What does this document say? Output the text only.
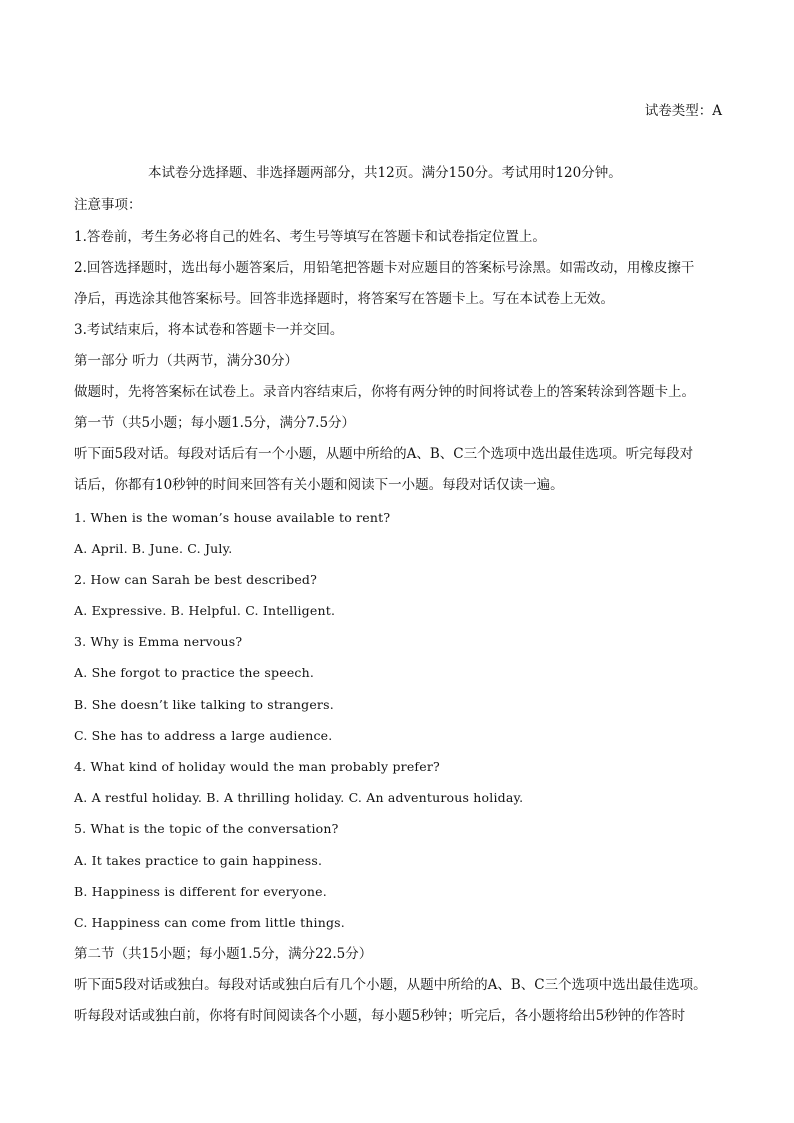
试卷类型：A
本试卷分选择题、非选择题两部分，共12页。满分150分。考试用时120分钟。
注意事项：
1.答卷前，考生务必将自己的姓名、考生号等填写在答题卡和试卷指定位置上。
2.回答选择题时，选出每小题答案后，用铅笔把答题卡对应题目的答案标号涂黑。如需改动，用橡皮擦干
净后，再选涂其他答案标号。回答非选择题时，将答案写在答题卡上。写在本试卷上无效。
3.考试结束后，将本试卷和答题卡一并交回。
第一部分 听力（共两节，满分30分）
做题时，先将答案标在试卷上。录音内容结束后，你将有两分钟的时间将试卷上的答案转涂到答题卡上。
第一节（共5小题；每小题1.5分，满分7.5分）
听下面5段对话。每段对话后有一个小题，从题中所给的A、B、C三个选项中选出最佳选项。听完每段对
话后，你都有10秒钟的时间来回答有关小题和阅读下一小题。每段对话仅读一遍。
1. When is the woman’s house available to rent?
A. April. B. June. C. July.
2. How can Sarah be best described?
A. Expressive. B. Helpful. C. Intelligent.
3. Why is Emma nervous?
A. She forgot to practice the speech.
B. She doesn’t like talking to strangers.
C. She has to address a large audience.
4. What kind of holiday would the man probably prefer?
A. A restful holiday. B. A thrilling holiday. C. An adventurous holiday.
5. What is the topic of the conversation?
A. It takes practice to gain happiness.
B. Happiness is different for everyone.
C. Happiness can come from little things.
第二节（共15小题；每小题1.5分，满分22.5分）
听下面5段对话或独白。每段对话或独白后有几个小题，从题中所给的A、B、C三个选项中选出最佳选项。
听每段对话或独白前，你将有时间阅读各个小题，每小题5秒钟；听完后，各小题将给出5秒钟的作答时
